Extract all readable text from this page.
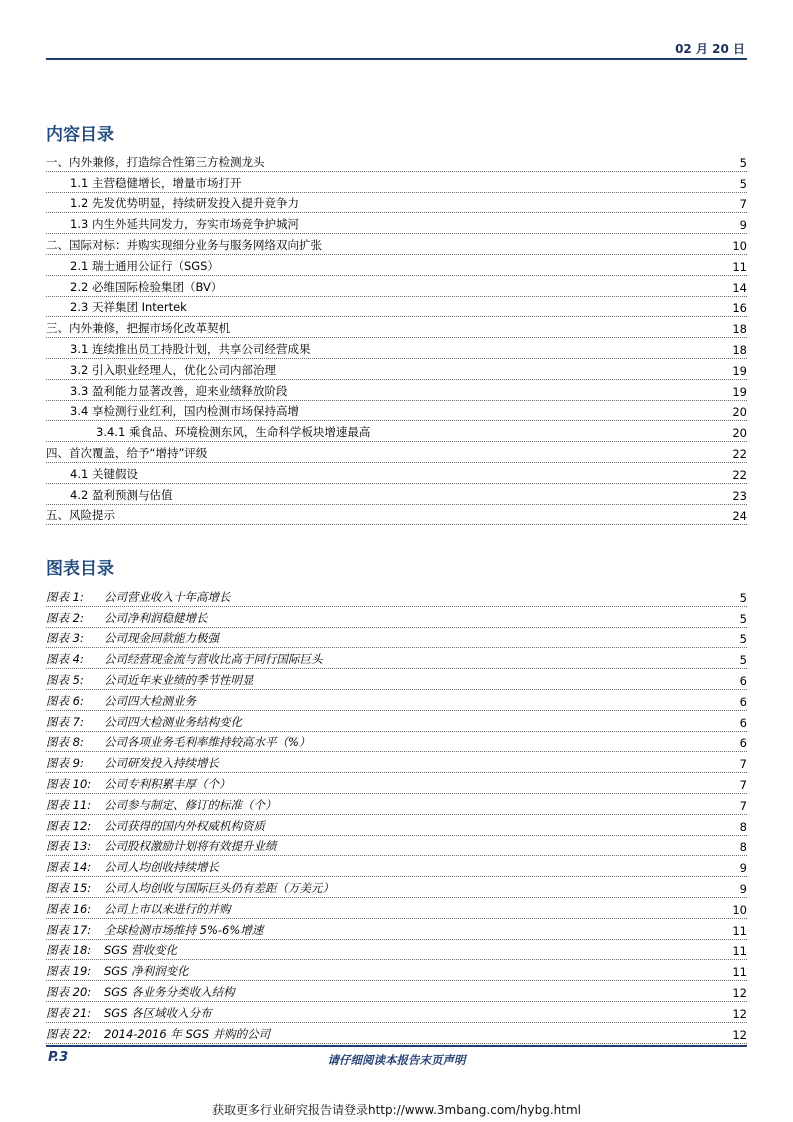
02 月 20 日
内容目录
一、内外兼修，打造综合性第三方检测龙头	5
1.1 主营稳健增长，增量市场打开	5
1.2 先发优势明显，持续研发投入提升竞争力	7
1.3 内生外延共同发力，夯实市场竞争护城河	9
二、国际对标：并购实现细分业务与服务网络双向扩张	10
2.1 瑞士通用公证行（SGS）	11
2.2 必维国际检验集团（BV）	14
2.3 天祥集团 Intertek	16
三、内外兼修，把握市场化改革契机	18
3.1 连续推出员工持股计划，共享公司经营成果	18
3.2 引入职业经理人，优化公司内部治理	19
3.3 盈利能力显著改善，迎来业绩释放阶段	19
3.4 享检测行业红利，国内检测市场保持高增	20
3.4.1 乘食品、环境检测东风，生命科学板块增速最高	20
四、首次覆盖，给予“增持”评级	22
4.1 关键假设	22
4.2 盈利预测与估值	23
五、风险提示	24
图表目录
图表 1:	公司营业收入十年高增长	5
图表 2:	公司净利润稳健增长	5
图表 3:	公司现金回款能力极强	5
图表 4:	公司经营现金流与营收比高于同行国际巨头	5
图表 5:	公司近年来业绩的季节性明显	6
图表 6:	公司四大检测业务	6
图表 7:	公司四大检测业务结构变化	6
图表 8:	公司各项业务毛利率维持较高水平（%）	6
图表 9:	公司研发投入持续增长	7
图表 10:	公司专利积累丰厚（个）	7
图表 11:	公司参与制定、修订的标准（个）	7
图表 12:	公司获得的国内外权威机构资质	8
图表 13:	公司股权激励计划将有效提升业绩	8
图表 14:	公司人均创收持续增长	9
图表 15:	公司人均创收与国际巨头仍有差距（万美元）	9
图表 16:	公司上市以来进行的并购	10
图表 17:	全球检测市场维持 5%-6%增速	11
图表 18:	SGS 营收变化	11
图表 19:	SGS 净利润变化	11
图表 20:	SGS 各业务分类收入结构	12
图表 21:	SGS 各区域收入分布	12
图表 22:	2014-2016 年 SGS 并购的公司	12
P.3	请仔细阅读本报告末页声明
获取更多行业研究报告请登录http://www.3mbang.com/hybg.html
